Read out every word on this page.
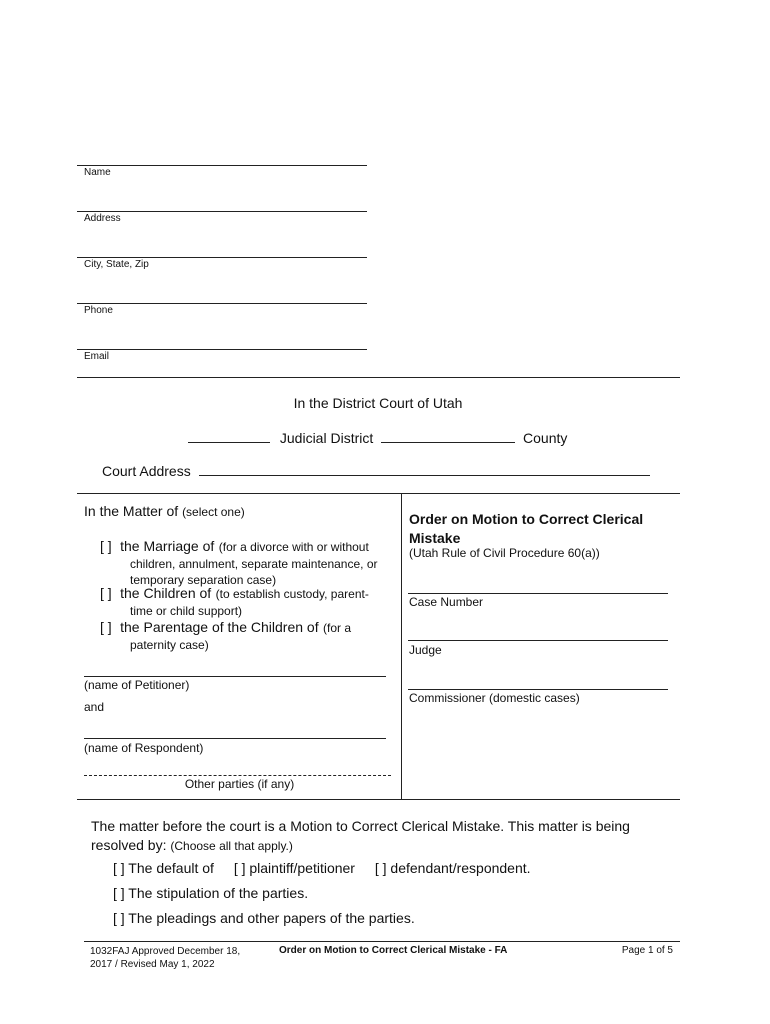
Name
Address
City, State, Zip
Phone
Email
In the District Court of Utah
Judicial District	County
Court Address
In the Matter of (select one)
[ ] the Marriage of (for a divorce with or without
children, annulment, separate maintenance, or temporary separation case)
[ ] the Children of (to establish custody, parent-
time or child support)
[ ] the Parentage of the Children of (for a
paternity case)
(name of Petitioner)
and
(name of Respondent)
Other parties (if any)
Order on Motion to Correct Clerical Mistake
(Utah Rule of Civil Procedure 60(a))
Case Number
Judge
Commissioner (domestic cases)
The matter before the court is a Motion to Correct Clerical Mistake. This matter is being resolved by: (Choose all that apply.)
[ ] The default of [ ] plaintiff/petitioner [ ] defendant/respondent.
[ ] The stipulation of the parties.
[ ] The pleadings and other papers of the parties.
1032FAJ Approved December 18, 2017 / Revised May 1, 2022
Order on Motion to Correct Clerical Mistake - FA	Page 1 of 5
